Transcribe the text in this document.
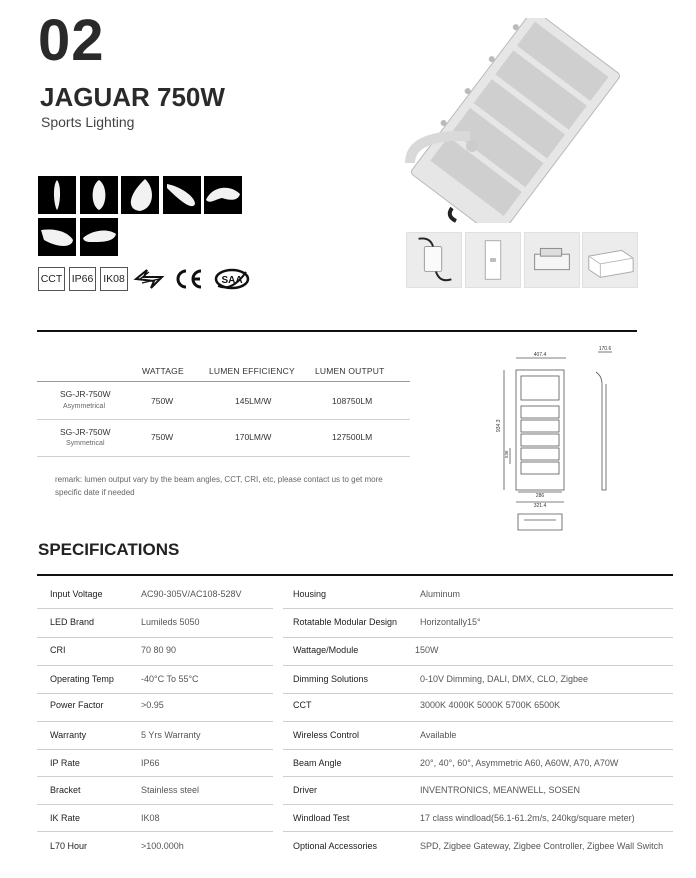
02
JAGUAR 750W
Sports Lighting
CCT IP66 IK08	SAA
WATTAGE	LUMEN EFFICIENCY LUMEN OUTPUT
SG-JR-750W
Asymmetrical
750W	145LM/W	108750LM
SG-JR-750W
Symmetrical
750W	170LM/W	127500LM
remark: lumen output vary by the beam angles, CCT, CRI, etc, please contact us to get more
specific date if needed
407.4
170.6
934.3
536
286
321.4
SPECIFICATIONS
Input Voltage	AC90-305V/AC108-528V	Housing	Aluminum
LED Brand	Lumileds 5050	Rotatable Modular Design	Horizontally15°
CRI	70 80 90	Wattage/Module	150W
Operating Temp	-40°C To 55°C	Dimming Solutions	0-10V Dimming, DALI, DMX, CLO, Zigbee
Power Factor	>0.95	CCT	3000K 4000K 5000K 5700K 6500K
Warranty	5 Yrs Warranty	Wireless Control	Available
IP Rate	IP66	Beam Angle	20°, 40°, 60°, Asymmetric A60, A60W, A70, A70W
Bracket	Stainless steel	Driver	INVENTRONICS, MEANWELL, SOSEN
IK Rate	IK08	Windload Test	17 class windload(56.1-61.2m/s, 240kg/square meter)
L70 Hour	>100.000h	Optional Accessories	SPD, Zigbee Gateway, Zigbee Controller, Zigbee Wall Switch
